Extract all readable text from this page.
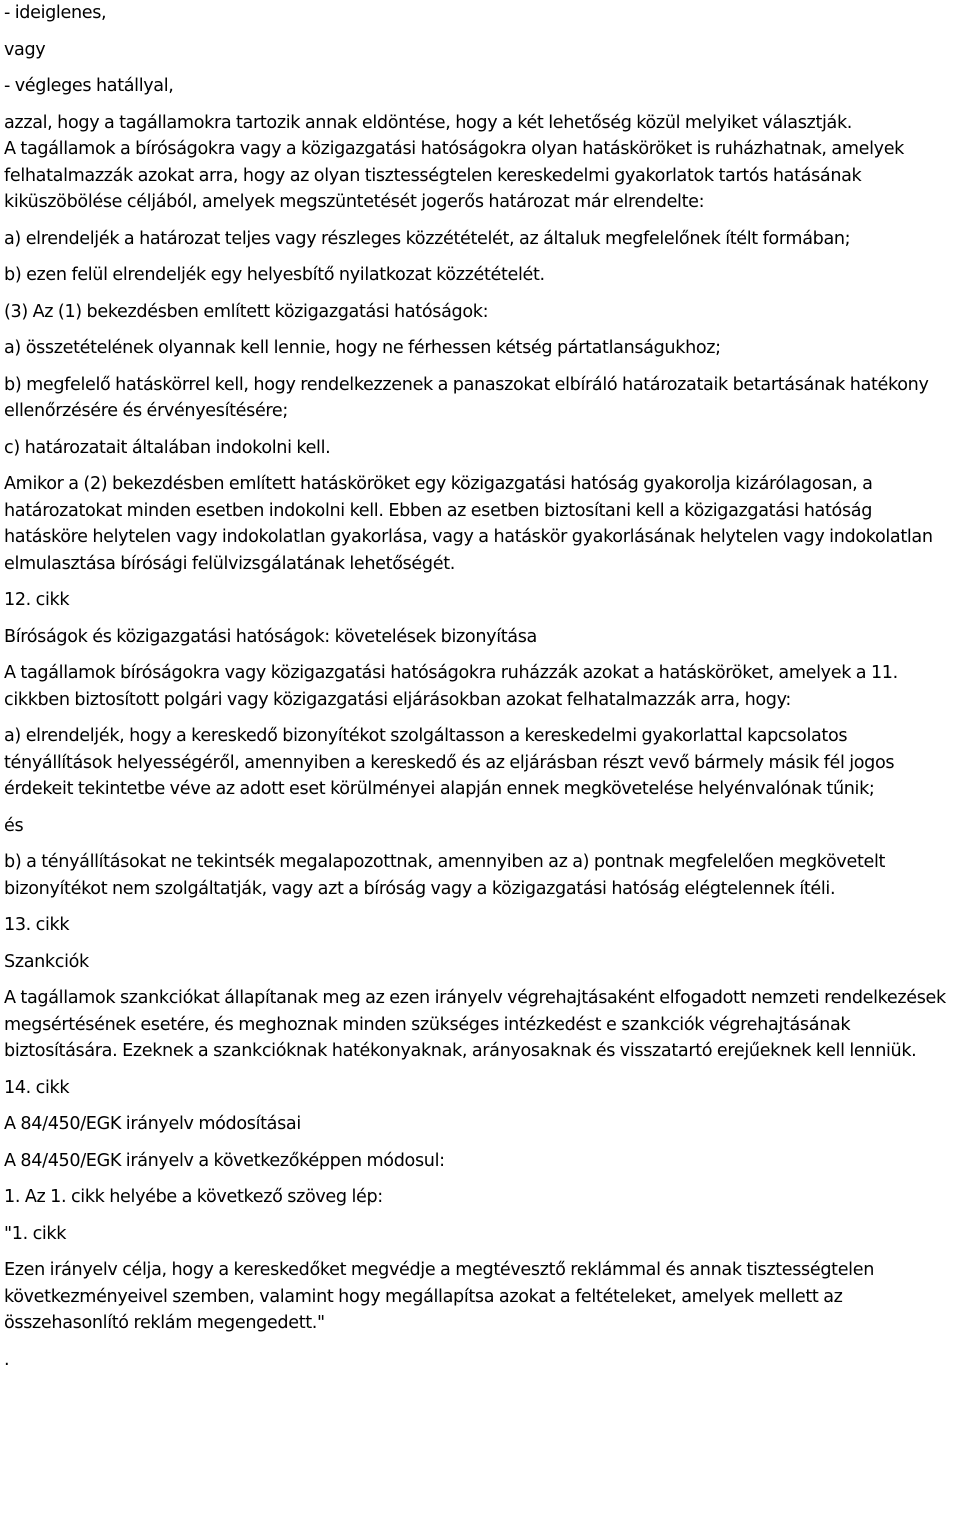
- ideiglenes,

vagy

- végleges hatállyal,

azzal, hogy a tagállamokra tartozik annak eldöntése, hogy a két lehetőség közül melyiket választják.

A tagállamok a bíróságokra vagy a közigazgatási hatóságokra olyan hatásköröket is ruházhatnak, amelyek felhatalmazzák azokat arra, hogy az olyan tisztességtelen kereskedelmi gyakorlatok tartós hatásának kiküszöbölése céljából, amelyek megszüntetését jogerős határozat már elrendelte:

a) elrendeljék a határozat teljes vagy részleges közzétételét, az általuk megfelelőnek ítélt formában;

b) ezen felül elrendeljék egy helyesbítő nyilatkozat közzétételét.

(3) Az (1) bekezdésben említett közigazgatási hatóságok:

a) összetételének olyannak kell lennie, hogy ne férhessen kétség pártatlanságukhoz;

b) megfelelő hatáskörrel kell, hogy rendelkezzenek a panaszokat elbíráló határozataik betartásának hatékony ellenőrzésére és érvényesítésére;

c) határozatait általában indokolni kell.

Amikor a (2) bekezdésben említett hatásköröket egy közigazgatási hatóság gyakorolja kizárólagosan, a határozatokat minden esetben indokolni kell. Ebben az esetben biztosítani kell a közigazgatási hatóság hatásköre helytelen vagy indokolatlan gyakorlása, vagy a hatáskör gyakorlásának helytelen vagy indokolatlan elmulasztása bírósági felülvizsgálatának lehetőségét.

12. cikk

Bíróságok és közigazgatási hatóságok: követelések bizonyítása

A tagállamok bíróságokra vagy közigazgatási hatóságokra ruházzák azokat a hatásköröket, amelyek a 11. cikkben biztosított polgári vagy közigazgatási eljárásokban azokat felhatalmazzák arra, hogy:

a) elrendeljék, hogy a kereskedő bizonyítékot szolgáltasson a kereskedelmi gyakorlattal kapcsolatos tényállítások helyességéről, amennyiben a kereskedő és az eljárásban részt vevő bármely másik fél jogos érdekeit tekintetbe véve az adott eset körülményei alapján ennek megkövetelése helyénvalónak tűnik;

és

b) a tényállításokat ne tekintsék megalapozottnak, amennyiben az a) pontnak megfelelően megkövetelt bizonyítékot nem szolgáltatják, vagy azt a bíróság vagy a közigazgatási hatóság elégtelennek ítéli.

13. cikk

Szankciók

A tagállamok szankciókat állapítanak meg az ezen irányelv végrehajtásaként elfogadott nemzeti rendelkezések megsértésének esetére, és meghoznak minden szükséges intézkedést e szankciók végrehajtásának biztosítására. Ezeknek a szankcióknak hatékonyaknak, arányosaknak és visszatartó erejűeknek kell lenniük.

14. cikk

A 84/450/EGK irányelv módosításai

A 84/450/EGK irányelv a következőképpen módosul:

1. Az 1. cikk helyébe a következő szöveg lép:

"1. cikk

Ezen irányelv célja, hogy a kereskedőket megvédje a megtévesztő reklámmal és annak tisztességtelen következményeivel szemben, valamint hogy megállapítsa azokat a feltételeket, amelyek mellett az összehasonlító reklám megengedett."

.
